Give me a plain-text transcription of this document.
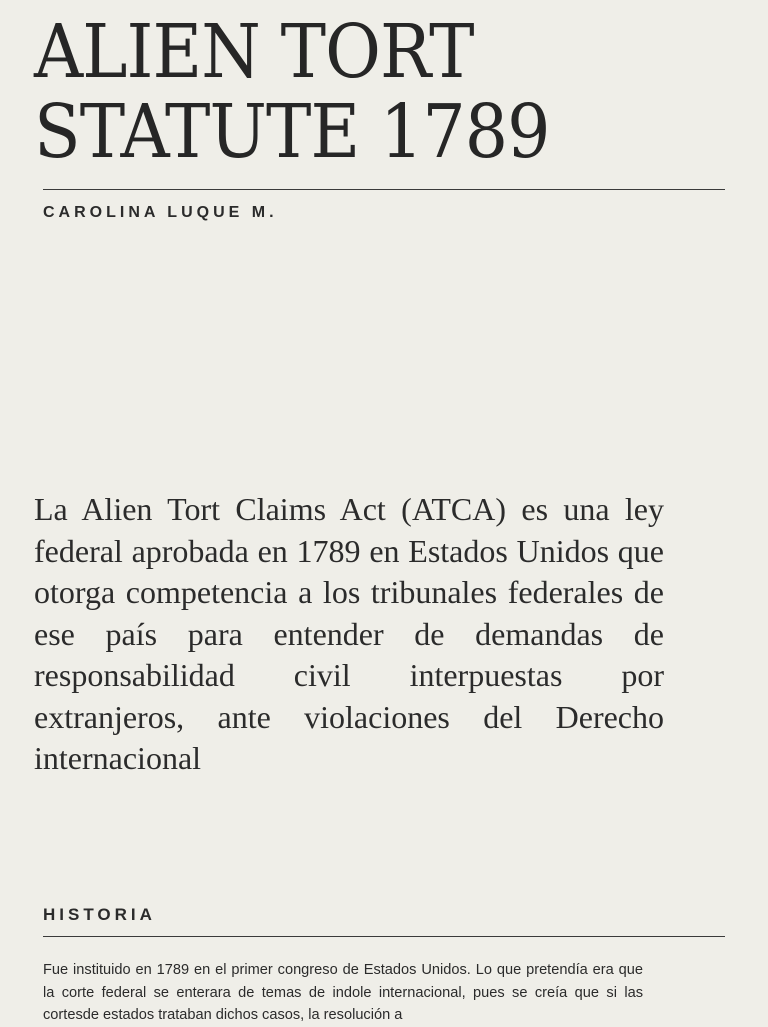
ALIEN TORT
STATUTE 1789
CAROLINA LUQUE M.

La Alien Tort Claims Act (ATCA) es una ley federal aprobada en 1789 en Estados Unidos que otorga competencia a los tribunales federales de ese país para entender de demandas de responsabilidad civil interpuestas por extranjeros, ante violaciones del Derecho internacional

HISTORIA

Fue instituido en 1789 en el primer congreso de Estados Unidos. Lo que pretendía era que la corte federal se enterara de temas de indole internacional, pues se creía que si las cortesde estados trataban dichos casos, la resolución a
